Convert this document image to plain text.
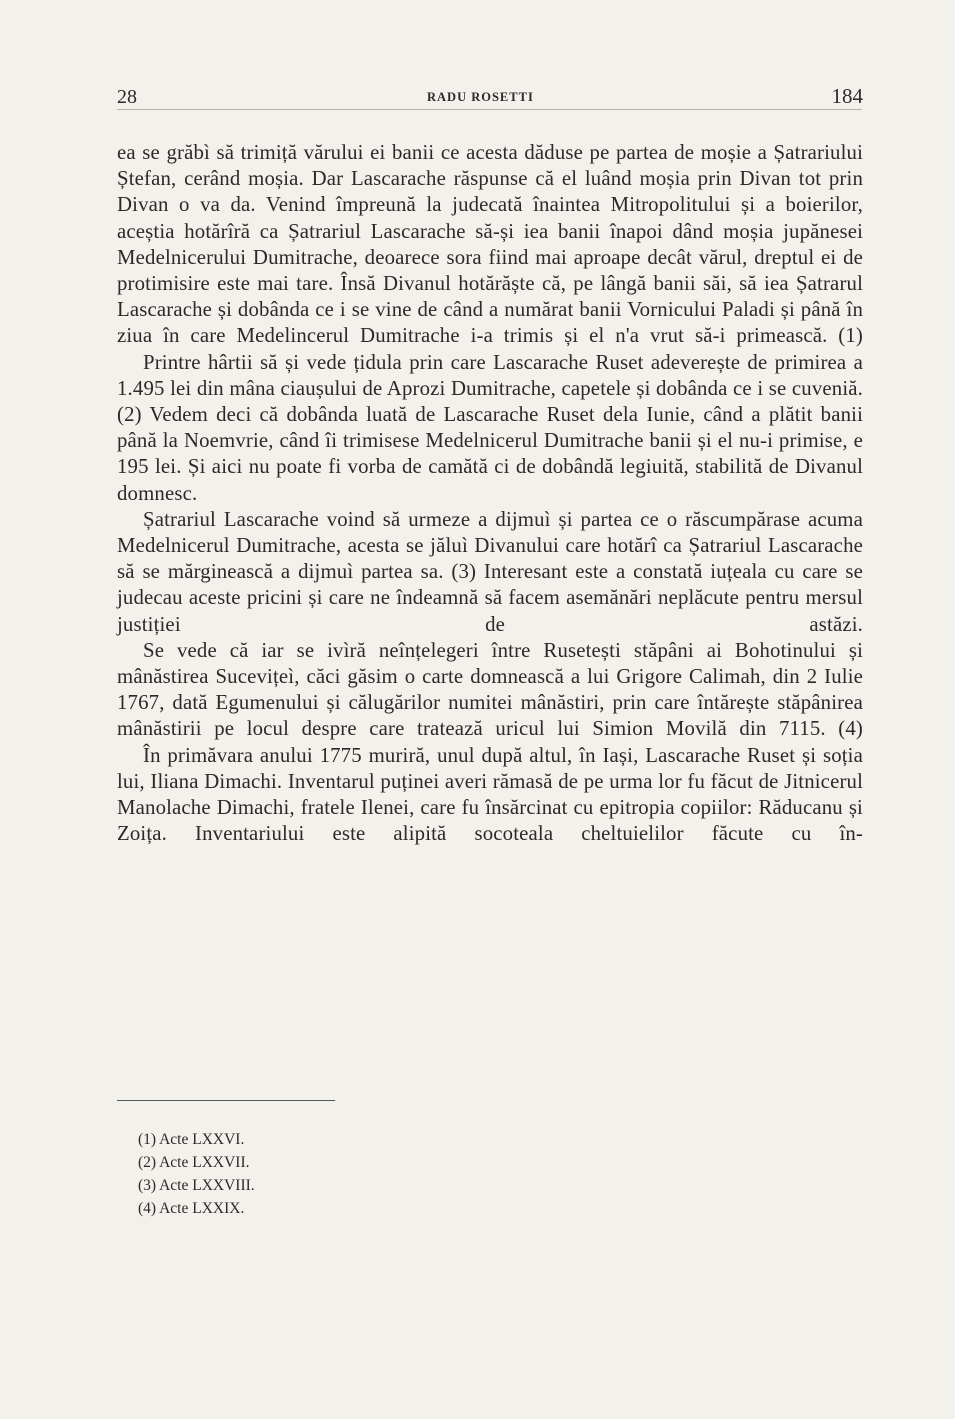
28	RADU ROSETTI	184

ea se grăbì să trimiță vărului ei banii ce acesta dăduse pe partea de moșie a Șatrariului Ștefan, cerând moșia. Dar Lascarache răspunse că el luând moșia prin Divan tot prin Divan o va da. Venind împreună la judecată înaintea Mitropolitului și a boierilor, aceștia hotărîră ca Șatrariul Lascarache să-și iea banii înapoi dând moșia jupănesei Medelnicerului Dumitrache, deoarece sora fiind mai aproape decât vărul, dreptul ei de protimisire este mai tare. Însă Divanul hotărăște că, pe lângă banii săi, să iea Șatrarul Lascarache și dobânda ce i se vine de când a numărat banii Vornicului Paladi și până în ziua în care Medelincerul Dumitrache i-a trimis și el n'a vrut să-i primească. (1)

Printre hârtii să și vede țidula prin care Lascarache Ruset adeverește de primirea a 1.495 lei din mâna ciaușului de Aprozi Dumitrache, capetele și dobânda ce i se cuveniă. (2) Vedem deci că dobânda luată de Lascarache Ruset dela Iunie, când a plătit banii până la Noemvrie, când îi trimisese Medelnicerul Dumitrache banii și el nu-i primise, e 195 lei. Și aici nu poate fi vorba de camătă ci de dobândă legiuită, stabilită de Divanul domnesc.

Șatrariul Lascarache voind să urmeze a dijmuì și partea ce o răscumpărase acuma Medelnicerul Dumitrache, acesta se jăluì Divanului care hotărî ca Șatrariul Lascarache să se mărginească a dijmuì partea sa. (3) Interesant este a constată iuțeala cu care se judecau aceste pricini și care ne îndeamnă să facem asemănări neplăcute pentru mersul justiției de astăzi.

Se vede că iar se ivìră neînțelegeri între Rusetești stăpâni ai Bohotinului și mânăstirea Sucevițeì, căci găsim o carte domnească a lui Grigore Calimah, din 2 Iulie 1767, dată Egumenului și călugărilor numitei mânăstiri, prin care întărește stăpânirea mânăstirii pe locul despre care tratează uricul lui Simion Movilă din 7115. (4)

În primăvara anului 1775 muriră, unul după altul, în Iași, Lascarache Ruset și soția lui, Iliana Dimachi. Inventarul puținei averi rămasă de pe urma lor fu făcut de Jitnicerul Manolache Dimachi, fratele Ilenei, care fu însărcinat cu epitropia copiilor: Răducanu și Zoița. Inventariului este alipită socoteala cheltuielilor făcute cu în-

(1) Acte LXXVI.
(2) Acte LXXVII.
(3) Acte LXXVIII.
(4) Acte LXXIX.
